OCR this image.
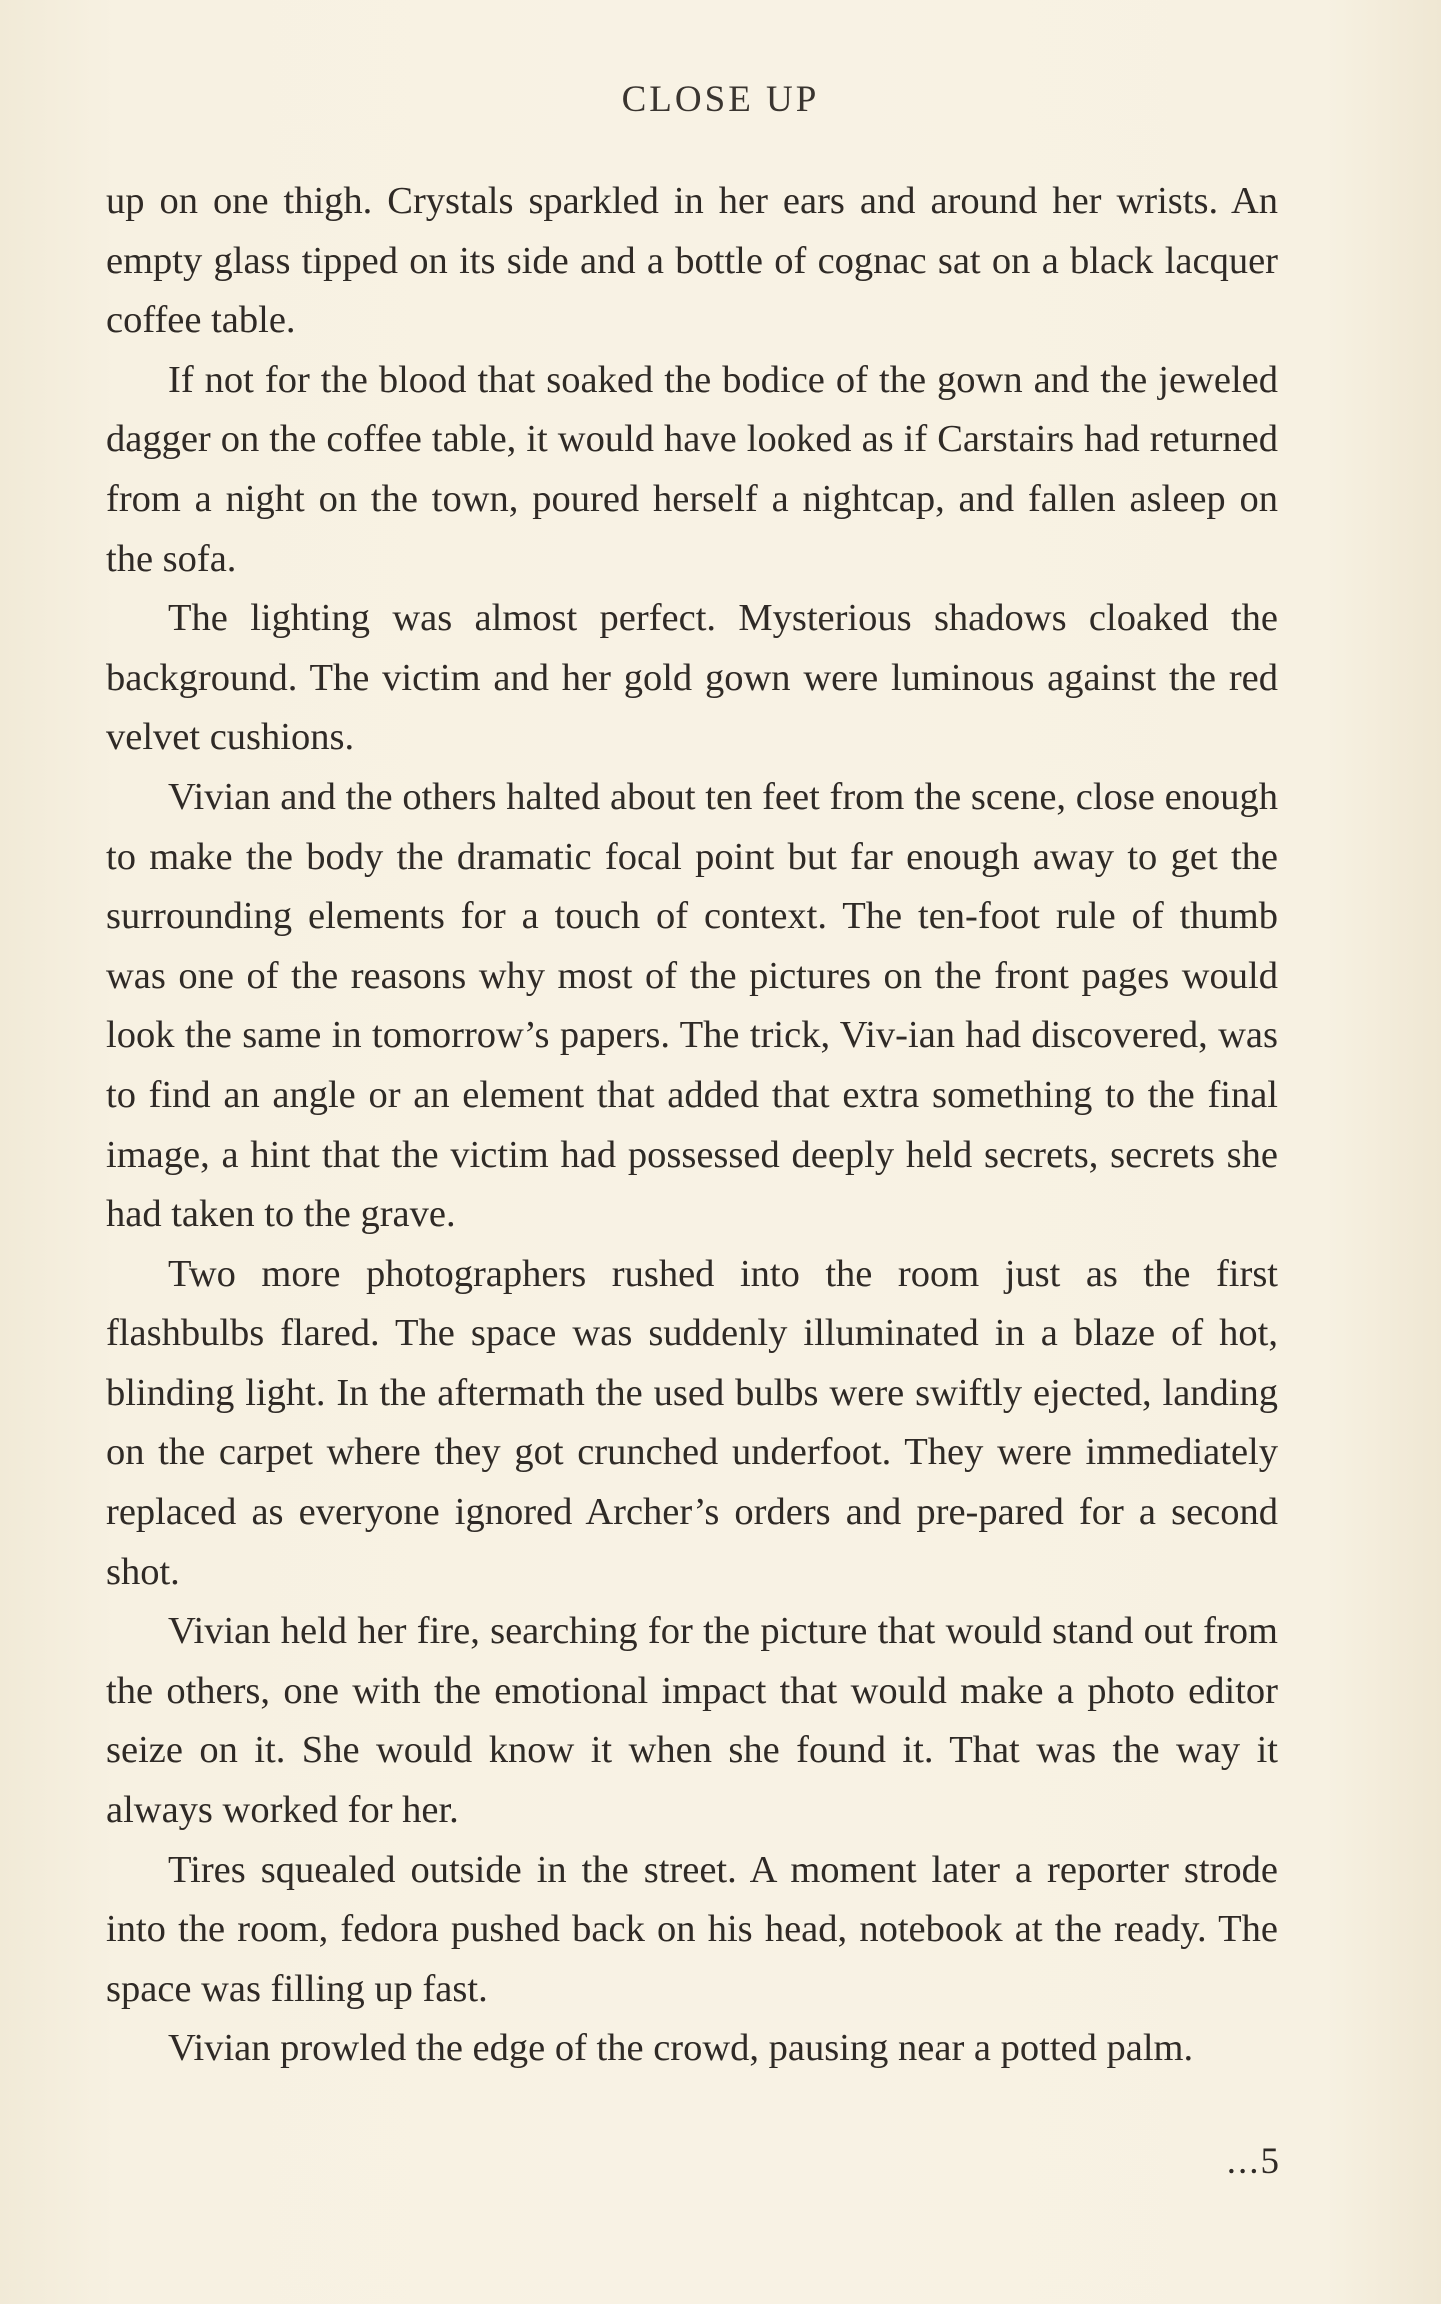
CLOSE UP

up on one thigh. Crystals sparkled in her ears and around her wrists. An empty glass tipped on its side and a bottle of cognac sat on a black lacquer coffee table.

If not for the blood that soaked the bodice of the gown and the jeweled dagger on the coffee table, it would have looked as if Carstairs had returned from a night on the town, poured herself a nightcap, and fallen asleep on the sofa.

The lighting was almost perfect. Mysterious shadows cloaked the background. The victim and her gold gown were luminous against the red velvet cushions.

Vivian and the others halted about ten feet from the scene, close enough to make the body the dramatic focal point but far enough away to get the surrounding elements for a touch of context. The ten-foot rule of thumb was one of the reasons why most of the pictures on the front pages would look the same in tomorrow’s papers. The trick, Viv-ian had discovered, was to find an angle or an element that added that extra something to the final image, a hint that the victim had possessed deeply held secrets, secrets she had taken to the grave.

Two more photographers rushed into the room just as the first flashbulbs flared. The space was suddenly illuminated in a blaze of hot, blinding light. In the aftermath the used bulbs were swiftly ejected, landing on the carpet where they got crunched underfoot. They were immediately replaced as everyone ignored Archer’s orders and pre-pared for a second shot.

Vivian held her fire, searching for the picture that would stand out from the others, one with the emotional impact that would make a photo editor seize on it. She would know it when she found it. That was the way it always worked for her.

Tires squealed outside in the street. A moment later a reporter strode into the room, fedora pushed back on his head, notebook at the ready. The space was filling up fast.

Vivian prowled the edge of the crowd, pausing near a potted palm.

...5
